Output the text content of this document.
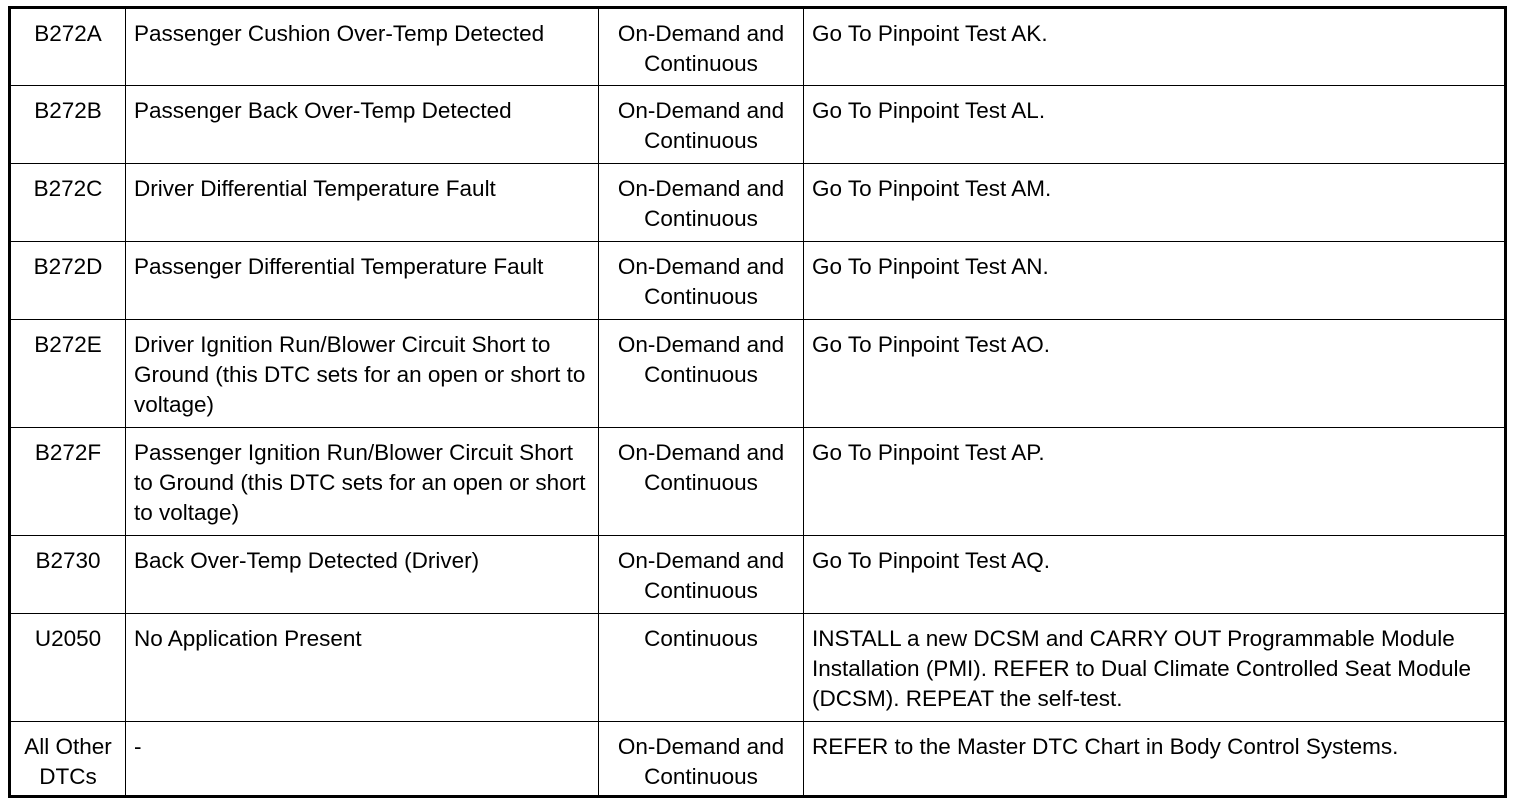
B272A	Passenger Cushion Over-Temp Detected	On-Demand and Continuous	Go To Pinpoint Test AK.
B272B	Passenger Back Over-Temp Detected	On-Demand and Continuous	Go To Pinpoint Test AL.
B272C	Driver Differential Temperature Fault	On-Demand and Continuous	Go To Pinpoint Test AM.
B272D	Passenger Differential Temperature Fault	On-Demand and Continuous	Go To Pinpoint Test AN.
B272E	Driver Ignition Run/Blower Circuit Short to Ground (this DTC sets for an open or short to voltage)	On-Demand and Continuous	Go To Pinpoint Test AO.
B272F	Passenger Ignition Run/Blower Circuit Short to Ground (this DTC sets for an open or short to voltage)	On-Demand and Continuous	Go To Pinpoint Test AP.
B2730	Back Over-Temp Detected (Driver)	On-Demand and Continuous	Go To Pinpoint Test AQ.
U2050	No Application Present	Continuous	INSTALL a new DCSM and CARRY OUT Programmable Module Installation (PMI). REFER to Dual Climate Controlled Seat Module (DCSM). REPEAT the self-test.
All Other DTCs	-	On-Demand and Continuous	REFER to the Master DTC Chart in Body Control Systems.
